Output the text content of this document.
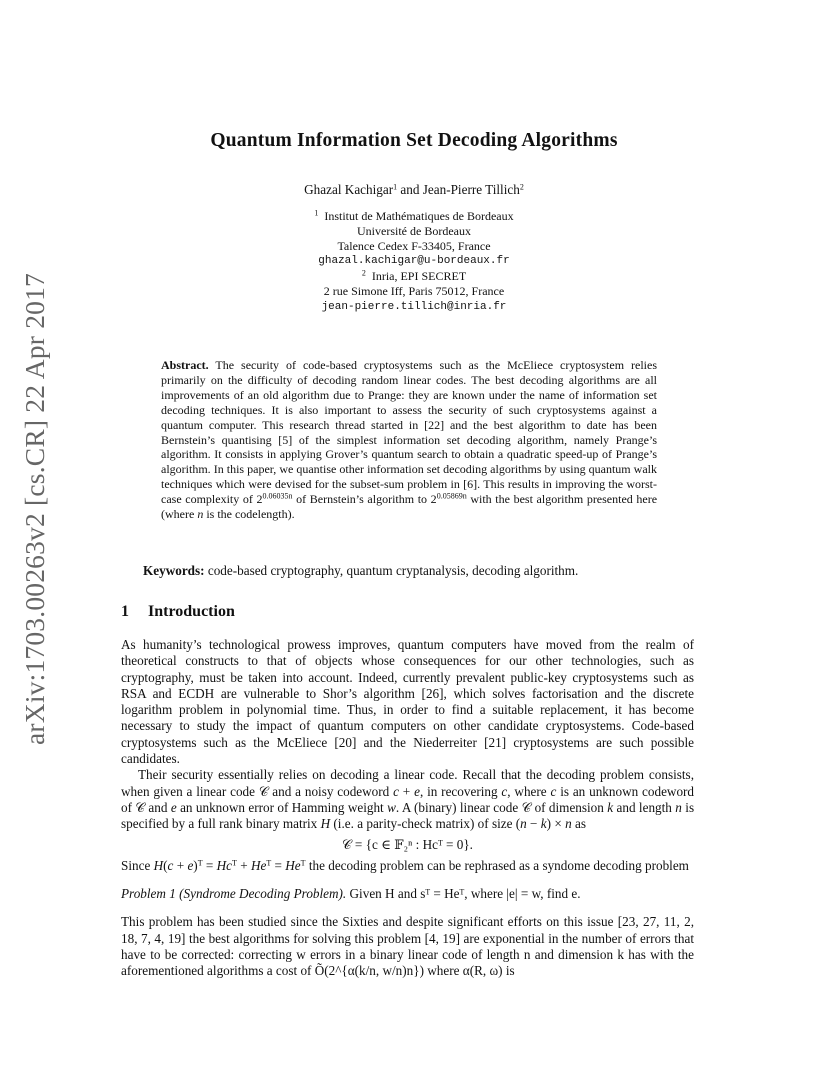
arXiv:1703.00263v2 [cs.CR] 22 Apr 2017
Quantum Information Set Decoding Algorithms
Ghazal Kachigar$^1$ and Jean-Pierre Tillich$^2$
$^1$ Institut de Mathématiques de Bordeaux
Université de Bordeaux
Talence Cedex F-33405, France
ghazal.kachigar@u-bordeaux.fr
$^2$ Inria, EPI SECRET
2 rue Simone Iff, Paris 75012, France
jean-pierre.tillich@inria.fr
Abstract. The security of code-based cryptosystems such as the McEliece cryptosystem relies primarily on the difficulty of decoding random linear codes. The best decoding algorithms are all improvements of an old algorithm due to Prange: they are known under the name of information set decoding techniques. It is also important to assess the security of such cryptosystems against a quantum computer. This research thread started in [22] and the best algorithm to date has been Bernstein’s quantising [5] of the simplest information set decoding algorithm, namely Prange’s algorithm. It consists in applying Grover’s quantum search to obtain a quadratic speed-up of Prange’s algorithm. In this paper, we quantise other information set decoding algorithms by using quantum walk techniques which were devised for the subset-sum problem in [6]. This results in improving the worst-case complexity of $2^{0.06035n}$ of Bernstein’s algorithm to $2^{0.05869n}$ with the best algorithm presented here (where n is the codelength).
Keywords: code-based cryptography, quantum cryptanalysis, decoding algorithm.
1 Introduction

As humanity’s technological prowess improves, quantum computers have moved from the realm of theoretical constructs to that of objects whose consequences for our other technologies, such as cryptography, must be taken into account. Indeed, currently prevalent public-key cryptosystems such as RSA and ECDH are vulnerable to Shor’s algorithm [26], which solves factorisation and the discrete logarithm problem in polynomial time. Thus, in order to find a suitable replacement, it has become necessary to study the impact of quantum computers on other candidate cryptosystems. Code-based cryptosystems such as the McEliece [20] and the Niederreiter [21] cryptosystems are such possible candidates.

Their security essentially relies on decoding a linear code. Recall that the decoding problem consists, when given a linear code 𝒞 and a noisy codeword c + e, in recovering c, where c is an unknown codeword of 𝒞 and e an unknown error of Hamming weight w. A (binary) linear code 𝒞 of dimension k and length n is specified by a full rank binary matrix H (i.e. a parity-check matrix) of size (n − k) × n as

𝒞 = {c ∈ 𝔽₂ⁿ : Hcᵀ = 0}.

Since $H(c + e)^T = Hc^T + He^T = He^T$ the decoding problem can be rephrased as a syndome decoding problem

Problem 1 (Syndrome Decoding Problem). Given H and sᵀ = Heᵀ, where |e| = w, find e.

This problem has been studied since the Sixties and despite significant efforts on this issue [23, 27, 11, 2, 18, 7, 4, 19] the best algorithms for solving this problem [4, 19] are exponential in the number of errors that have to be corrected: correcting w errors in a binary linear code of length n and dimension k has with the aforementioned algorithms a cost of Õ(2^{α(k/n, w/n)n}) where α(R, ω) is
